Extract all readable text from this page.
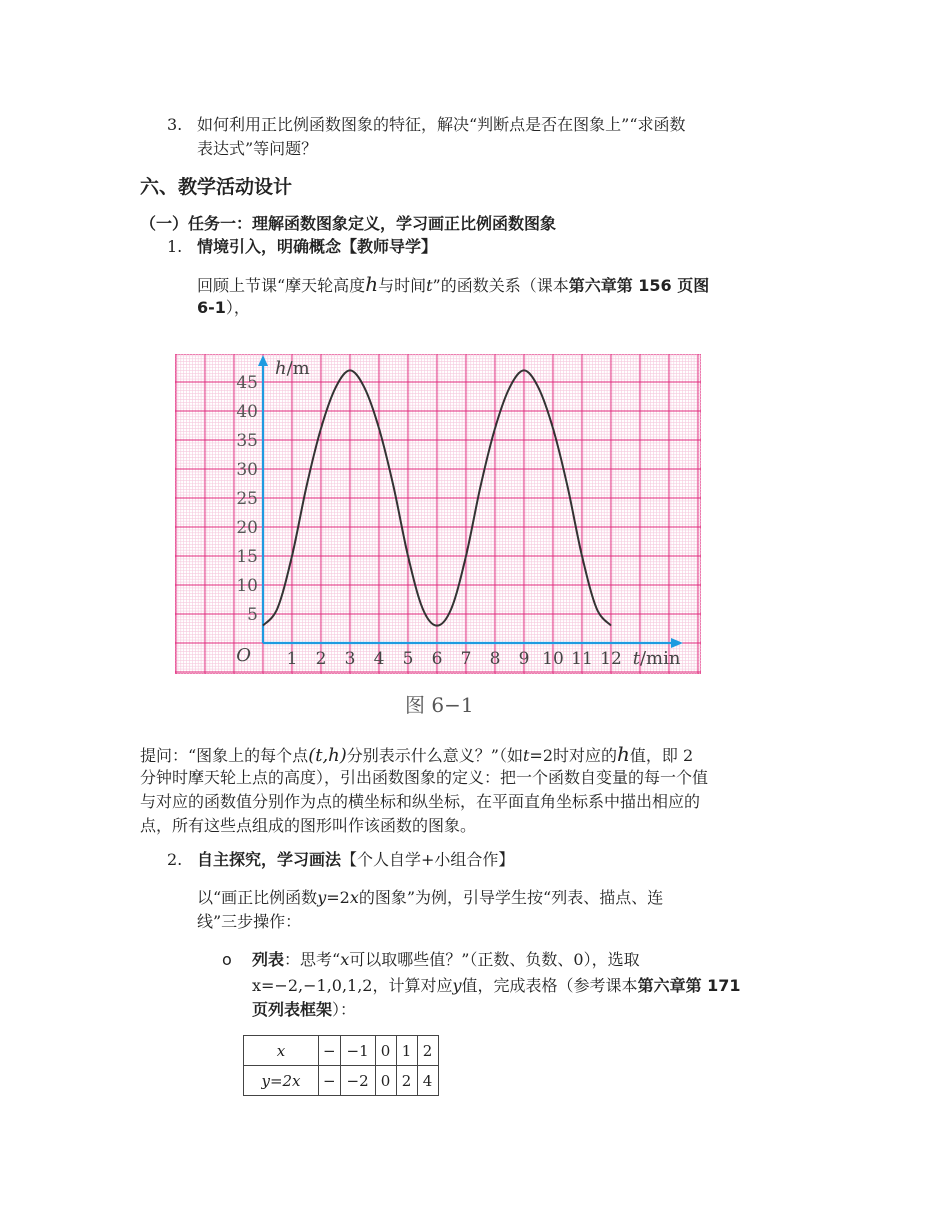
3. 如何利用正比例函数图象的特征，解决“判断点是否在图象上”“求函数
表达式”等问题？
六、教学活动设计
（一）任务一：理解函数图象定义，学习画正比例函数图象
1. 情境引入，明确概念【教师导学】
回顾上节课“摩天轮高度h与时间t”的函数关系（课本第六章第 156 页图
6-1），
1 2 3 4 5 6 7 8 9 10 11 12
5
10
15
20
25
30
35
40
45
O
h/m
t/min
图 6−1
提问：“图象上的每个点(t,h)分别表示什么意义？”（如t=2时对应的h值，即 2
分钟时摩天轮上点的高度），引出函数图象的定义：把一个函数自变量的每一个值
与对应的函数值分别作为点的横坐标和纵坐标，在平面直角坐标系中描出相应的
点，所有这些点组成的图形叫作该函数的图象。
2. 自主探究，学习画法【个人自学+小组合作】
以“画正比例函数y=2x的图象”为例，引导学生按“列表、描点、连
线”三步操作：
o 列表：思考“x可以取哪些值？”（正数、负数、0），选取
x=−2,−1,0,1,2，计算对应y值，完成表格（参考课本第六章第 171
页列表框架）：
x	−	−1	0	1	2
y=2x	−	−2	0	2	4
